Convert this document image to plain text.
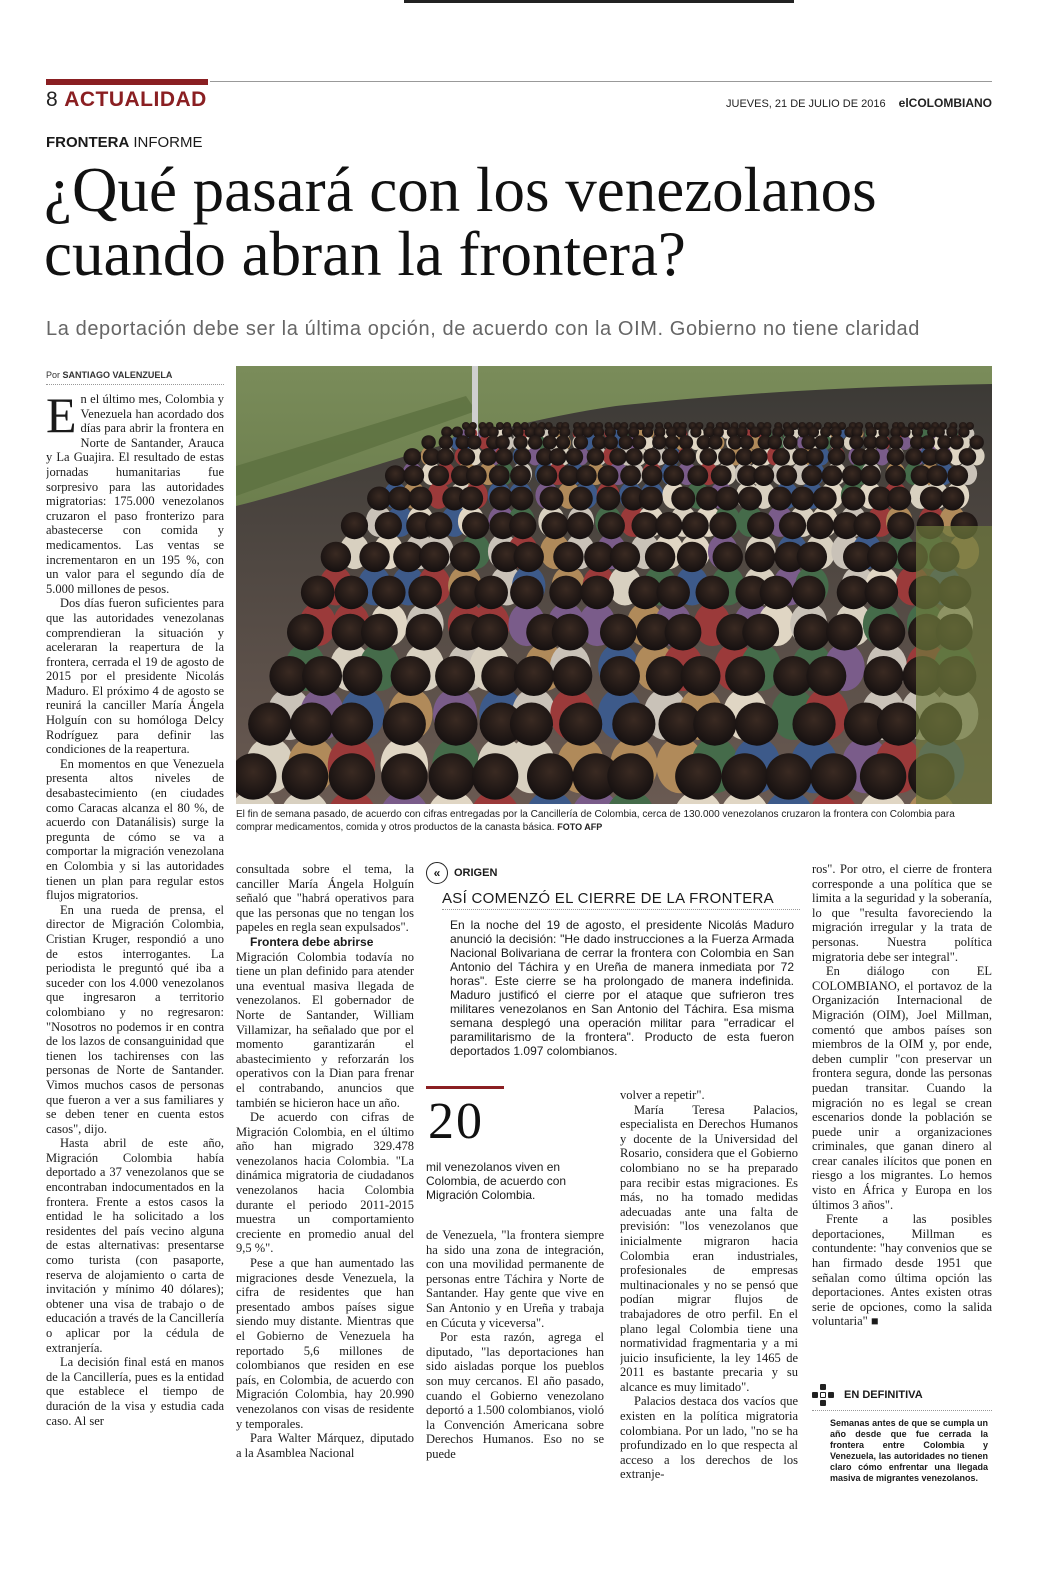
8 ACTUALIDAD	JUEVES, 21 DE JULIO DE 2016 elCOLOMBIANO
FRONTERA INFORME
¿Qué pasará con los venezolanos cuando abran la frontera?
La deportación debe ser la última opción, de acuerdo con la OIM. Gobierno no tiene claridad
Por SANTIAGO VALENZUELA

En el último mes, Colombia y Venezuela han acordado dos días para abrir la frontera en Norte de Santander, Arauca y La Guajira. El resultado de estas jornadas humanitarias fue sorpresivo para las autoridades migratorias: 175.000 venezolanos cruzaron el paso fronterizo para abastecerse con comida y medicamentos. Las ventas se incrementaron en un 195 %, con un valor para el segundo día de 5.000 millones de pesos.

Dos días fueron suficientes para que las autoridades venezolanas comprendieran la situación y aceleraran la reapertura de la frontera, cerrada el 19 de agosto de 2015 por el presidente Nicolás Maduro. El próximo 4 de agosto se reunirá la canciller María Ángela Holguín con su homóloga Delcy Rodríguez para definir las condiciones de la reapertura.

En momentos en que Venezuela presenta altos niveles de desabastecimiento (en ciudades como Caracas alcanza el 80 %, de acuerdo con Datanálisis) surge la pregunta de cómo se va a comportar la migración venezolana en Colombia y si las autoridades tienen un plan para regular estos flujos migratorios.

En una rueda de prensa, el director de Migración Colombia, Cristian Kruger, respondió a uno de estos interrogantes. La periodista le preguntó qué iba a suceder con los 4.000 venezolanos que ingresaron a territorio colombiano y no regresaron: "Nosotros no podemos ir en contra de los lazos de consanguinidad que tienen los tachirenses con las personas de Norte de Santander. Vimos muchos casos de personas que fueron a ver a sus familiares y se deben tener en cuenta estos casos", dijo.

Hasta abril de este año, Migración Colombia había deportado a 37 venezolanos que se encontraban indocumentados en la frontera. Frente a estos casos la entidad le ha solicitado a los residentes del país vecino alguna de estas alternativas: presentarse como turista (con pasaporte, reserva de alojamiento o carta de invitación y mínimo 40 dólares); obtener una visa de trabajo o de educación a través de la Cancillería o aplicar por la cédula de extranjería.

La decisión final está en manos de la Cancillería, pues es la entidad que establece el tiempo de duración de la visa y estudia cada caso. Al ser

El fin de semana pasado, de acuerdo con cifras entregadas por la Cancillería de Colombia, cerca de 130.000 venezolanos cruzaron la frontera con Colombia para comprar medicamentos, comida y otros productos de la canasta básica. FOTO AFP

consultada sobre el tema, la canciller María Ángela Holguín señaló que "habrá operativos para que las personas que no tengan los papeles en regla sean expulsados".

Frontera debe abrirse

Migración Colombia todavía no tiene un plan definido para atender una eventual masiva llegada de venezolanos. El gobernador de Norte de Santander, William Villamizar, ha señalado que por el momento garantizarán el abastecimiento y reforzarán los operativos con la Dian para frenar el contrabando, anuncios que también se hicieron hace un año.

De acuerdo con cifras de Migración Colombia, en el último año han migrado 329.478 venezolanos hacia Colombia. "La dinámica migratoria de ciudadanos venezolanos hacia Colombia durante el periodo 2011-2015 muestra un comportamiento creciente en promedio anual del 9,5 %".

Pese a que han aumentado las migraciones desde Venezuela, la cifra de residentes que han presentado ambos países sigue siendo muy distante. Mientras que el Gobierno de Venezuela ha reportado 5,6 millones de colombianos que residen en ese país, en Colombia, de acuerdo con Migración Colombia, hay 20.990 venezolanos con visas de residente y temporales.

Para Walter Márquez, diputado a la Asamblea Nacional

«	ORIGEN
ASÍ COMENZÓ EL CIERRE DE LA FRONTERA
En la noche del 19 de agosto, el presidente Nicolás Maduro anunció la decisión: "He dado instrucciones a la Fuerza Armada Nacional Bolivariana de cerrar la frontera con Colombia en San Antonio del Táchira y en Ureña de manera inmediata por 72 horas". Este cierre se ha prolongado de manera indefinida. Maduro justificó el cierre por el ataque que sufrieron tres militares venezolanos en San Antonio del Táchira. Esa misma semana desplegó una operación militar para "erradicar el paramilitarismo de la frontera". Producto de esta fueron deportados 1.097 colombianos.
20
mil venezolanos viven en Colombia, de acuerdo con Migración Colombia.

de Venezuela, "la frontera siempre ha sido una zona de integración, con una movilidad permanente de personas entre Táchira y Norte de Santander. Hay gente que vive en San Antonio y en Ureña y trabaja en Cúcuta y viceversa".

Por esta razón, agrega el diputado, "las deportaciones han sido aisladas porque los pueblos son muy cercanos. El año pasado, cuando el Gobierno venezolano deportó a 1.500 colombianos, violó la Convención Americana sobre Derechos Humanos. Eso no se puede

volver a repetir".

María Teresa Palacios, especialista en Derechos Humanos y docente de la Universidad del Rosario, considera que el Gobierno colombiano no se ha preparado para recibir estas migraciones. Es más, no ha tomado medidas adecuadas ante una falta de previsión: "los venezolanos que inicialmente migraron hacia Colombia eran industriales, profesionales de empresas multinacionales y no se pensó que podían migrar flujos de trabajadores de otro perfil. En el plano legal Colombia tiene una normatividad fragmentaria y a mi juicio insuficiente, la ley 1465 de 2011 es bastante precaria y su alcance es muy limitado".

Palacios destaca dos vacíos que existen en la política migratoria colombiana. Por un lado, "no se ha profundizado en lo que respecta al acceso a los derechos de los extranje-

ros". Por otro, el cierre de frontera corresponde a una política que se limita a la seguridad y la soberanía, lo que "resulta favoreciendo la migración irregular y la trata de personas. Nuestra política migratoria debe ser integral".

En diálogo con EL COLOMBIANO, el portavoz de la Organización Internacional de Migración (OIM), Joel Millman, comentó que ambos países son miembros de la OIM y, por ende, deben cumplir "con preservar un frontera segura, donde las personas puedan transitar. Cuando la migración no es legal se crean escenarios donde la población se puede unir a organizaciones criminales, que ganan dinero al crear canales ilícitos que ponen en riesgo a los migrantes. Lo hemos visto en África y Europa en los últimos 3 años".

Frente a las posibles deportaciones, Millman es contundente: "hay convenios que se han firmado desde 1951 que señalan como última opción las deportaciones. Antes existen otras serie de opciones, como la salida voluntaria" ■

EN DEFINITIVA
Semanas antes de que se cumpla un año desde que fue cerrada la frontera entre Colombia y Venezuela, las autoridades no tienen claro cómo enfrentar una llegada masiva de migrantes venezolanos.
